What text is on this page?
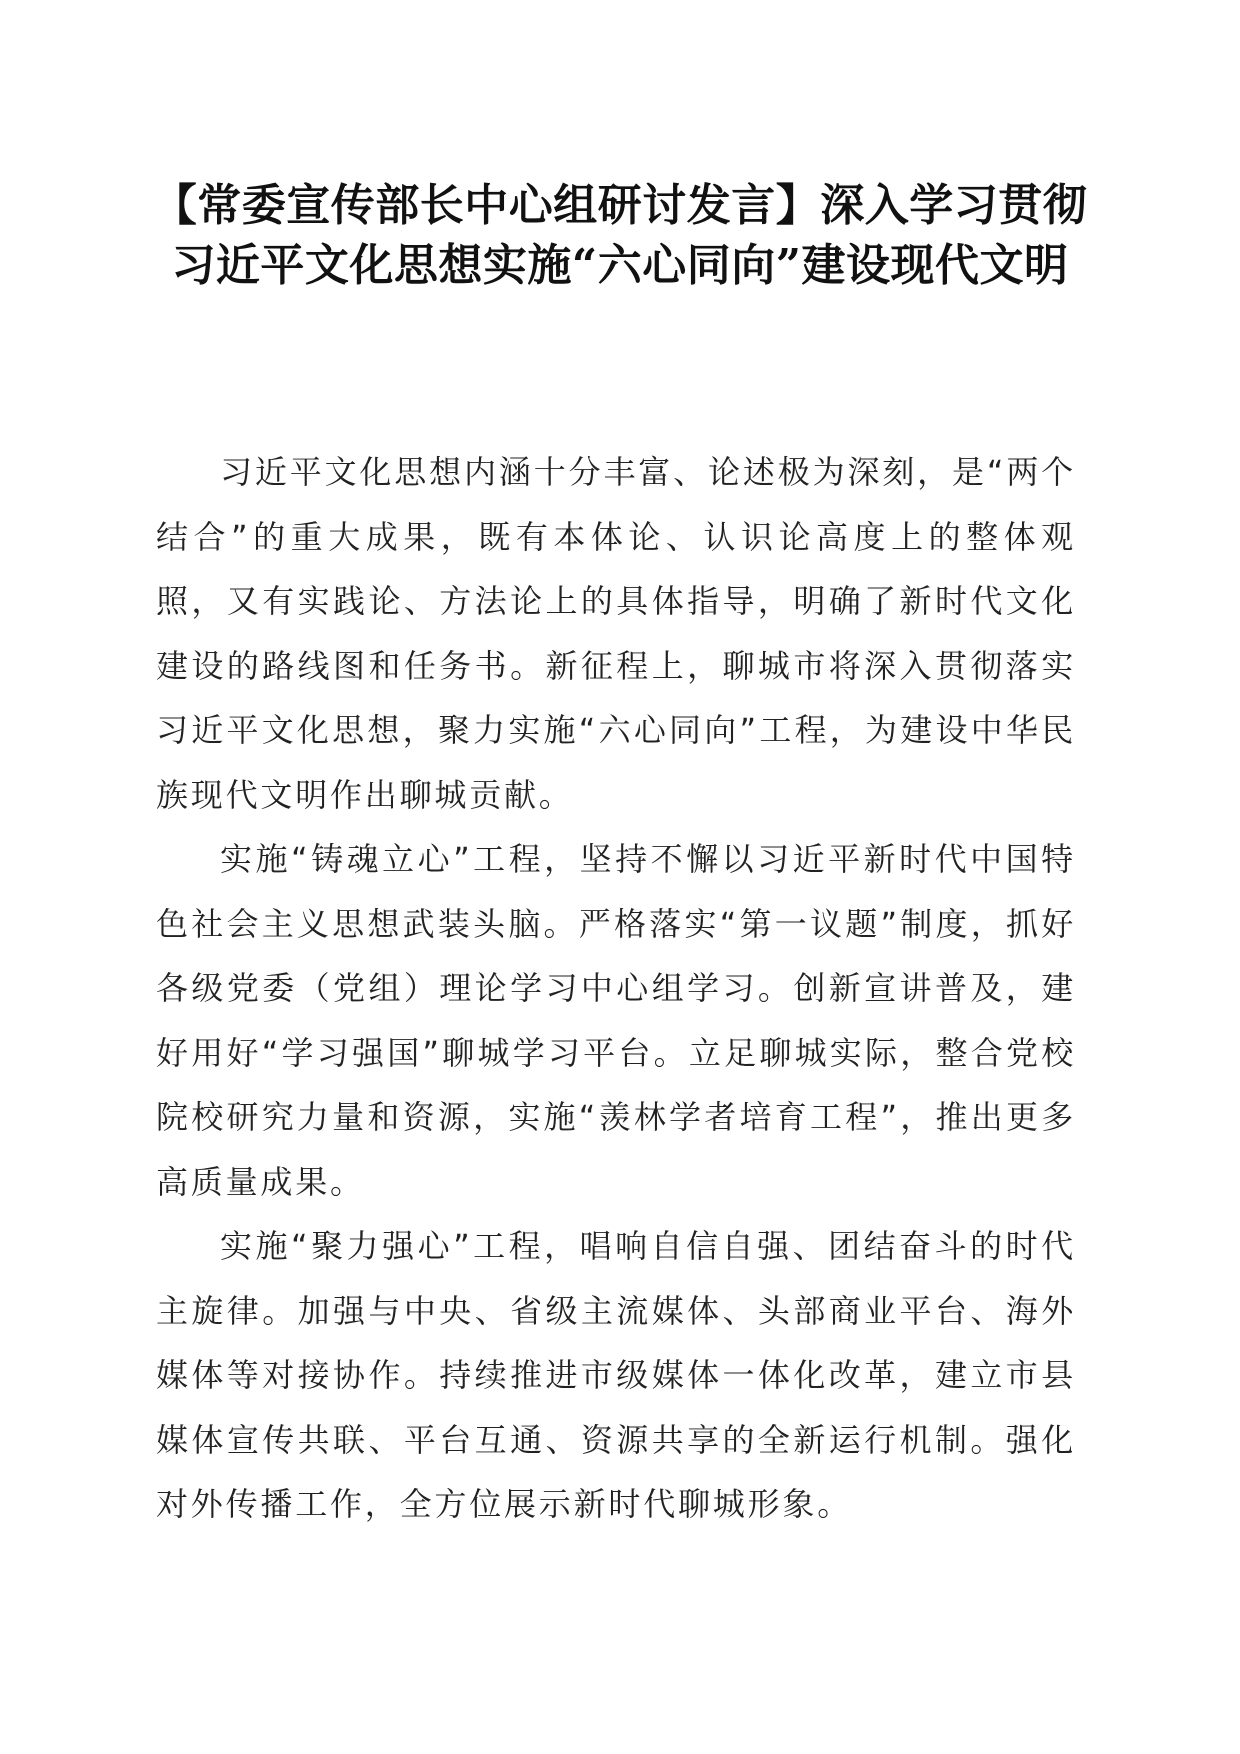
【常委宣传部长中心组研讨发言】深入学习贯彻习近平文化思想实施“六心同向”建设现代文明

习近平文化思想内涵十分丰富、论述极为深刻，是“两个结合”的重大成果，既有本体论、认识论高度上的整体观照，又有实践论、方法论上的具体指导，明确了新时代文化建设的路线图和任务书。新征程上，聊城市将深入贯彻落实习近平文化思想，聚力实施“六心同向”工程，为建设中华民族现代文明作出聊城贡献。

实施“铸魂立心”工程，坚持不懈以习近平新时代中国特色社会主义思想武装头脑。严格落实“第一议题”制度，抓好各级党委（党组）理论学习中心组学习。创新宣讲普及，建好用好“学习强国”聊城学习平台。立足聊城实际，整合党校院校研究力量和资源，实施“羡林学者培育工程”，推出更多高质量成果。

实施“聚力强心”工程，唱响自信自强、团结奋斗的时代主旋律。加强与中央、省级主流媒体、头部商业平台、海外媒体等对接协作。持续推进市级媒体一体化改革，建立市县媒体宣传共联、平台互通、资源共享的全新运行机制。强化对外传播工作，全方位展示新时代聊城形象。
